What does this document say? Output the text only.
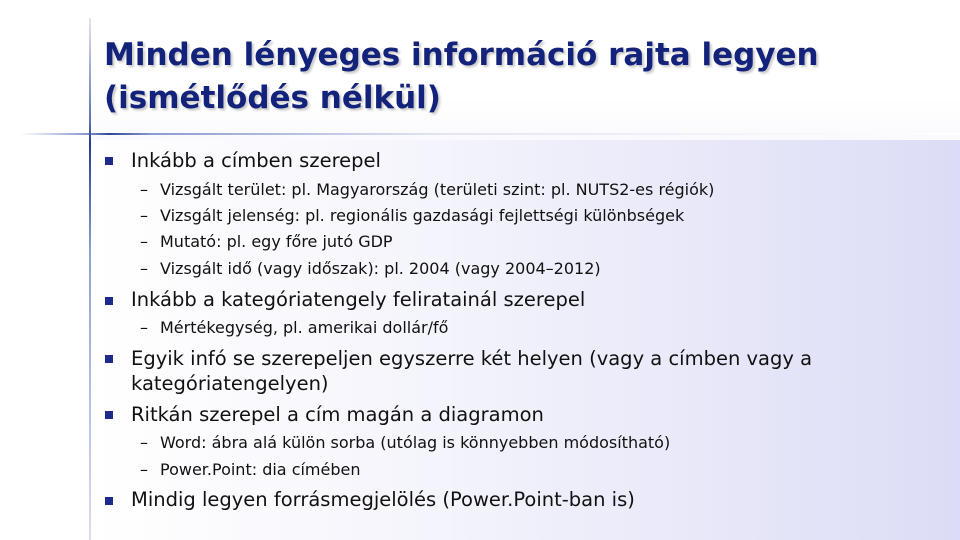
Minden lényeges információ rajta legyen
(ismétlődés nélkül)
Inkább a címben szerepel
– Vizsgált terület: pl. Magyarország (területi szint: pl. NUTS2-es régiók)
– Vizsgált jelenség: pl. regionális gazdasági fejlettségi különbségek
– Mutató: pl. egy főre jutó GDP
– Vizsgált idő (vagy időszak): pl. 2004 (vagy 2004–2012)
Inkább a kategóriatengely feliratainál szerepel
– Mértékegység, pl. amerikai dollár/fő
Egyik infó se szerepeljen egyszerre két helyen (vagy a címben vagy a
kategóriatengelyen)
Ritkán szerepel a cím magán a diagramon
– Word: ábra alá külön sorba (utólag is könnyebben módosítható)
– Power.Point: dia címében
Mindig legyen forrásmegjelölés (Power.Point-ban is)
